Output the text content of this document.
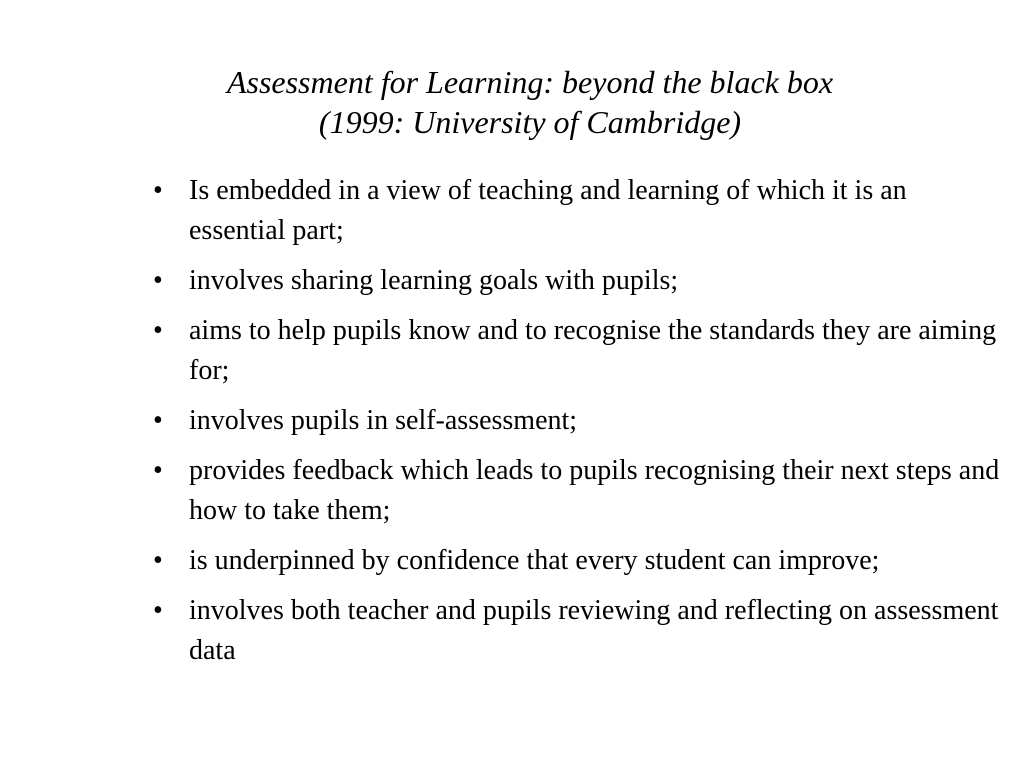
Assessment for Learning: beyond the black box
(1999: University of Cambridge)
• Is embedded in a view of teaching and learning of which it is an essential part;
• involves sharing learning goals with pupils;
• aims to help pupils know and to recognise the standards they are aiming for;
• involves pupils in self-assessment;
• provides feedback which leads to pupils recognising their next steps and how to take them;
• is underpinned by confidence that every student can improve;
• involves both teacher and pupils reviewing and reflecting on assessment data
